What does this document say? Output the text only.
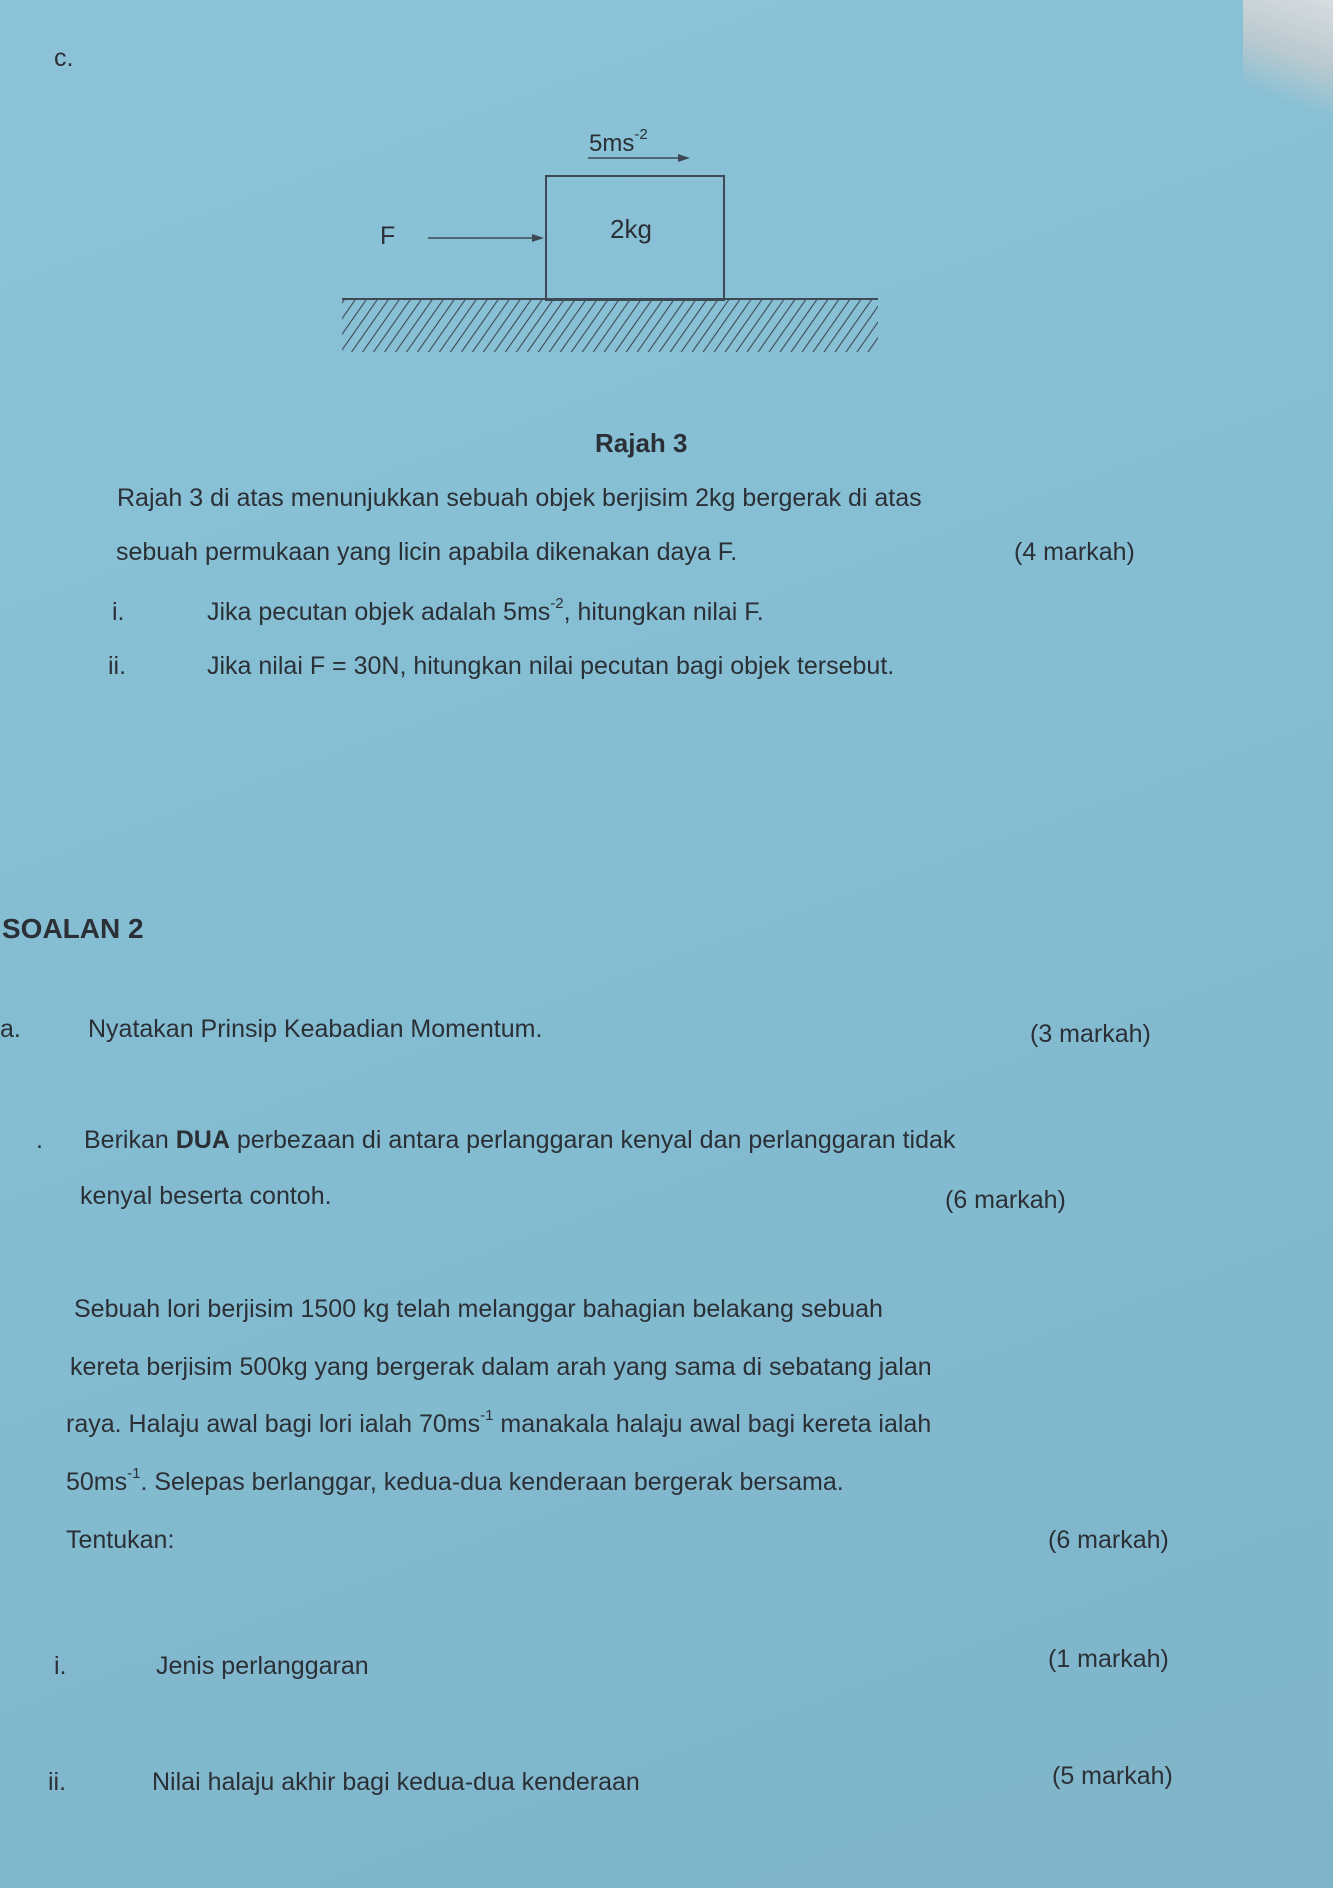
c.
$5ms^{-2}$
F	2kg
Rajah 3
Rajah 3 di atas menunjukkan sebuah objek berjisim 2kg bergerak di atas
sebuah permukaan yang licin apabila dikenakan daya F.	(4 markah)
i.	Jika pecutan objek adalah $5ms^{-2}$, hitungkan nilai F.
ii.	Jika nilai F = 30N, hitungkan nilai pecutan bagi objek tersebut.
SOALAN 2
a.	Nyatakan Prinsip Keabadian Momentum.	(3 markah)
. Berikan DUA perbezaan di antara perlanggaran kenyal dan perlanggaran tidak
kenyal beserta contoh.	(6 markah)
Sebuah lori berjisim 1500 kg telah melanggar bahagian belakang sebuah
kereta berjisim 500kg yang bergerak dalam arah yang sama di sebatang jalan
raya. Halaju awal bagi lori ialah $70ms^{-1}$ manakala halaju awal bagi kereta ialah
$50ms^{-1}$. Selepas berlanggar, kedua-dua kenderaan bergerak bersama.
Tentukan:	(6 markah)
i.	Jenis perlanggaran	(1 markah)
ii.	Nilai halaju akhir bagi kedua-dua kenderaan	(5 markah)
